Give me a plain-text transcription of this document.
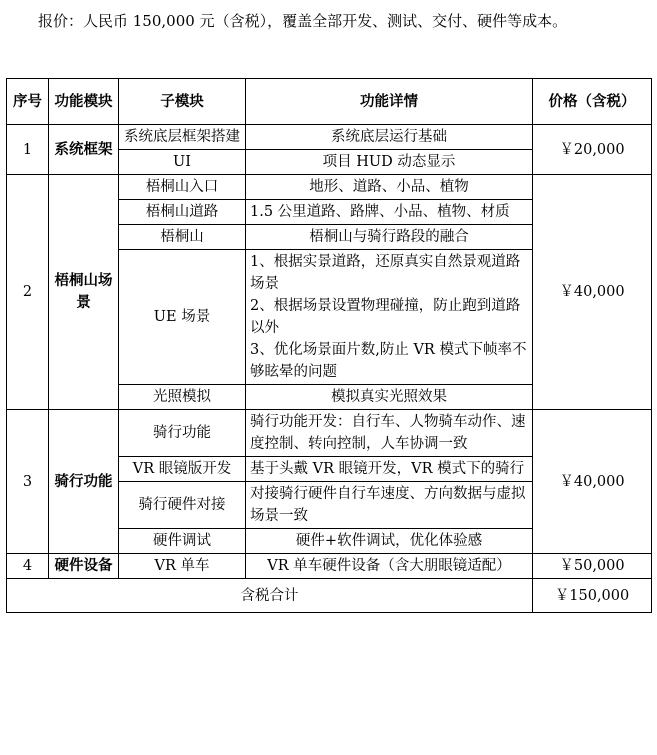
报价：人民币 150,000 元（含税），覆盖全部开发、测试、交付、硬件等成本。
序号	功能模块	子模块	功能详情	价格（含税）
1	系统框架	系统底层框架搭建	系统底层运行基础	￥20,000
		UI	项目 HUD 动态显示	
2	梧桐山场景	梧桐山入口	地形、道路、小品、植物	￥40,000
		梧桐山道路	1.5 公里道路、路牌、小品、植物、材质	
		梧桐山	梧桐山与骑行路段的融合	
		UE 场景	1、根据实景道路，还原真实自然景观道路场景
2、根据场景设置物理碰撞，防止跑到道路以外
3、优化场景面片数,防止 VR 模式下帧率不够眩晕的问题	
		光照模拟	模拟真实光照效果	
3	骑行功能	骑行功能	骑行功能开发：自行车、人物骑车动作、速度控制、转向控制，人车协调一致	￥40,000
		VR 眼镜版开发	基于头戴 VR 眼镜开发，VR 模式下的骑行	
		骑行硬件对接	对接骑行硬件自行车速度、方向数据与虚拟场景一致	
		硬件调试	硬件+软件调试，优化体验感	
4	硬件设备	VR 单车	VR 单车硬件设备（含大朋眼镜适配）	￥50,000
含税合计				￥150,000
